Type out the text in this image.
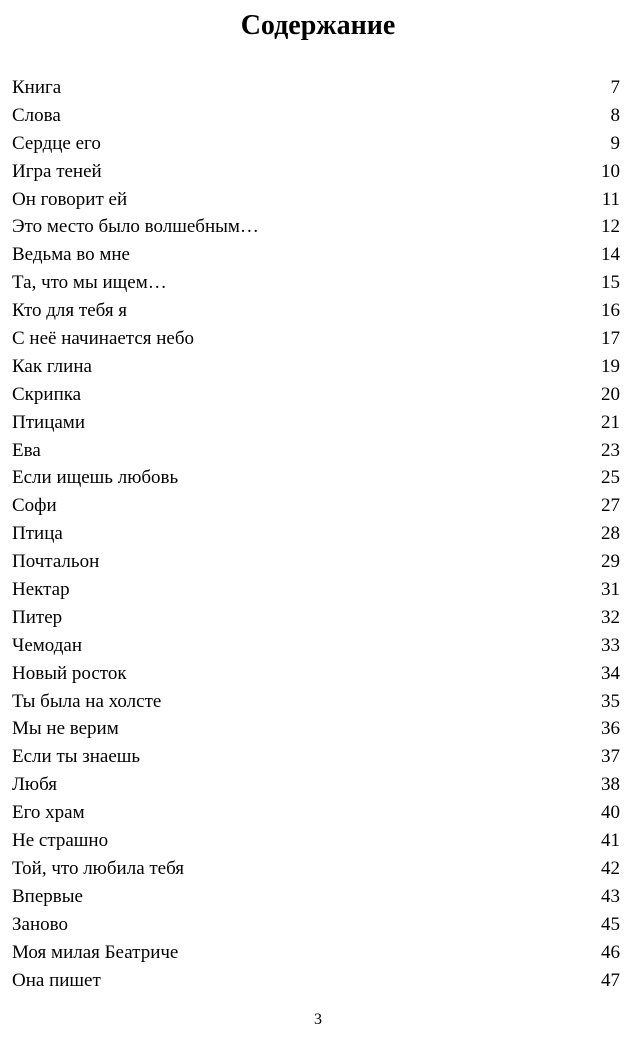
Содержание
Книга	7
Слова	8
Сердце его	9
Игра теней	10
Он говорит ей	11
Это место было волшебным…	12
Ведьма во мне	14
Та, что мы ищем…	15
Кто для тебя я	16
С неё начинается небо	17
Как глина	19
Скрипка	20
Птицами	21
Ева	23
Если ищешь любовь	25
Софи	27
Птица	28
Почтальон	29
Нектар	31
Питер	32
Чемодан	33
Новый росток	34
Ты была на холсте	35
Мы не верим	36
Если ты знаешь	37
Любя	38
Его храм	40
Не страшно	41
Той, что любила тебя	42
Впервые	43
Заново	45
Моя милая Беатриче	46
Она пишет	47
3
